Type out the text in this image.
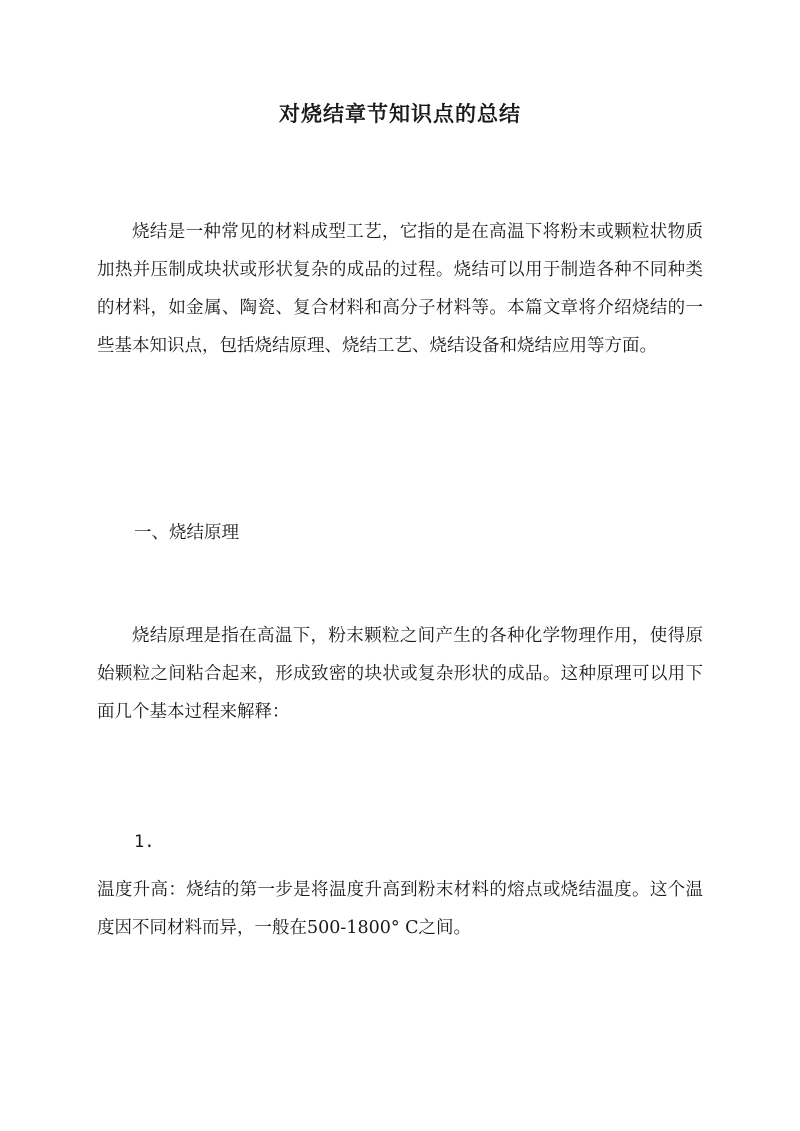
对烧结章节知识点的总结

烧结是一种常见的材料成型工艺，它指的是在高温下将粉末或颗粒状物质加热并压制成块状或形状复杂的成品的过程。烧结可以用于制造各种不同种类的材料，如金属、陶瓷、复合材料和高分子材料等。本篇文章将介绍烧结的一些基本知识点，包括烧结原理、烧结工艺、烧结设备和烧结应用等方面。

一、烧结原理

烧结原理是指在高温下，粉末颗粒之间产生的各种化学物理作用，使得原始颗粒之间粘合起来，形成致密的块状或复杂形状的成品。这种原理可以用下面几个基本过程来解释：

1.

温度升高：烧结的第一步是将温度升高到粉末材料的熔点或烧结温度。这个温度因不同材料而异，一般在500-1800° C之间。
